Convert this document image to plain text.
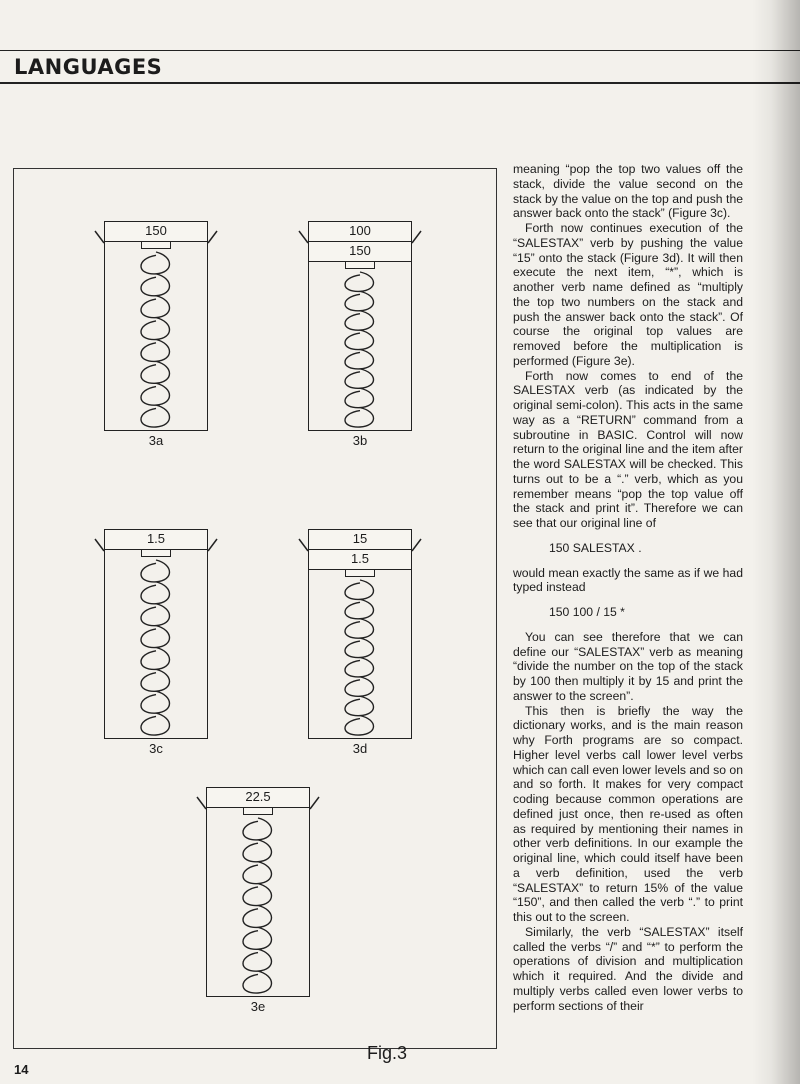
LANGUAGES
150
3a
100
150
3b
1.5
3c
15
1.5
3d
22.5
3e
Fig.3

meaning “pop the top two values off the stack, divide the value second on the stack by the value on the top and push the answer back onto the stack” (Figure 3c).

Forth now continues execution of the “SALESTAX” verb by pushing the value “15” onto the stack (Figure 3d). It will then execute the next item, “*”, which is another verb name defined as “multiply the top two numbers on the stack and push the answer back onto the stack”. Of course the original top values are removed before the multiplication is performed (Figure 3e).

Forth now comes to end of the SALESTAX verb (as indicated by the original semi-colon). This acts in the same way as a “RETURN” command from a subroutine in BASIC. Control will now return to the original line and the item after the word SALESTAX will be checked. This turns out to be a “.” verb, which as you remember means “pop the top value off the stack and print it”. Therefore we can see that our original line of

150 SALESTAX .

would mean exactly the same as if we had typed instead

150 100 / 15 *

You can see therefore that we can define our “SALESTAX” verb as meaning “divide the number on the top of the stack by 100 then multiply it by 15 and print the answer to the screen”.

This then is briefly the way the dictionary works, and is the main reason why Forth programs are so compact. Higher level verbs call lower level verbs which can call even lower levels and so on and so forth. It makes for very compact coding because common operations are defined just once, then re-used as often as required by mentioning their names in other verb definitions. In our example the original line, which could itself have been a verb definition, used the verb “SALESTAX” to return 15% of the value “150”, and then called the verb “.” to print this out to the screen.

Similarly, the verb “SALESTAX” itself called the verbs “/” and “*” to perform the operations of division and multiplication which it required. And the divide and multiply verbs called even lower verbs to perform sections of their

14
